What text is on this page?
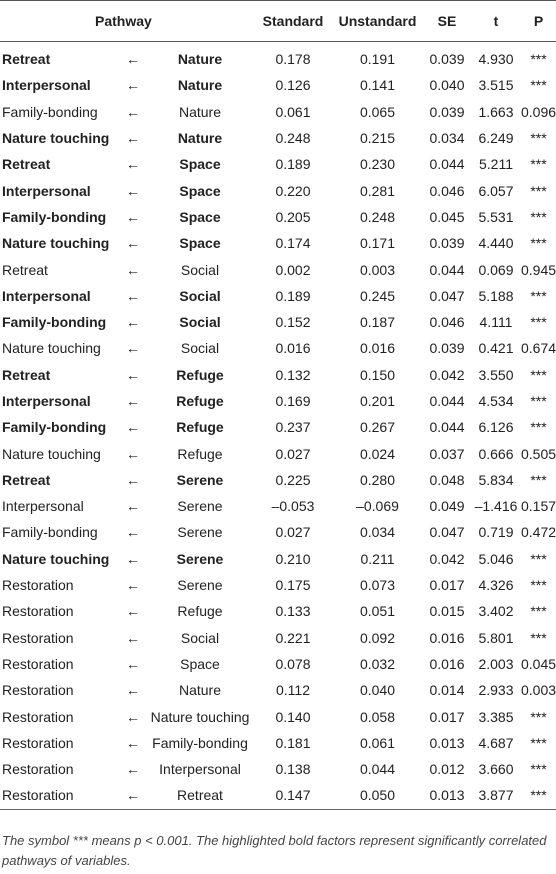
Pathway			Standard	Unstandard	SE	t	P
Retreat	←	Nature	0.178	0.191	0.039	4.930	***
Interpersonal	←	Nature	0.126	0.141	0.040	3.515	***
Family-bonding	←	Nature	0.061	0.065	0.039	1.663	0.096
Nature touching	←	Nature	0.248	0.215	0.034	6.249	***
Retreat	←	Space	0.189	0.230	0.044	5.211	***
Interpersonal	←	Space	0.220	0.281	0.046	6.057	***
Family-bonding	←	Space	0.205	0.248	0.045	5.531	***
Nature touching	←	Space	0.174	0.171	0.039	4.440	***
Retreat	←	Social	0.002	0.003	0.044	0.069	0.945
Interpersonal	←	Social	0.189	0.245	0.047	5.188	***
Family-bonding	←	Social	0.152	0.187	0.046	4.111	***
Nature touching	←	Social	0.016	0.016	0.039	0.421	0.674
Retreat	←	Refuge	0.132	0.150	0.042	3.550	***
Interpersonal	←	Refuge	0.169	0.201	0.044	4.534	***
Family-bonding	←	Refuge	0.237	0.267	0.044	6.126	***
Nature touching	←	Refuge	0.027	0.024	0.037	0.666	0.505
Retreat	←	Serene	0.225	0.280	0.048	5.834	***
Interpersonal	←	Serene	–0.053	–0.069	0.049	–1.416	0.157
Family-bonding	←	Serene	0.027	0.034	0.047	0.719	0.472
Nature touching	←	Serene	0.210	0.211	0.042	5.046	***
Restoration	←	Serene	0.175	0.073	0.017	4.326	***
Restoration	←	Refuge	0.133	0.051	0.015	3.402	***
Restoration	←	Social	0.221	0.092	0.016	5.801	***
Restoration	←	Space	0.078	0.032	0.016	2.003	0.045
Restoration	←	Nature	0.112	0.040	0.014	2.933	0.003
Restoration	←	Nature touching	0.140	0.058	0.017	3.385	***
Restoration	←	Family-bonding	0.181	0.061	0.013	4.687	***
Restoration	←	Interpersonal	0.138	0.044	0.012	3.660	***
Restoration	←	Retreat	0.147	0.050	0.013	3.877	***
The symbol *** means p < 0.001. The highlighted bold factors represent significantly correlated pathways of variables.
